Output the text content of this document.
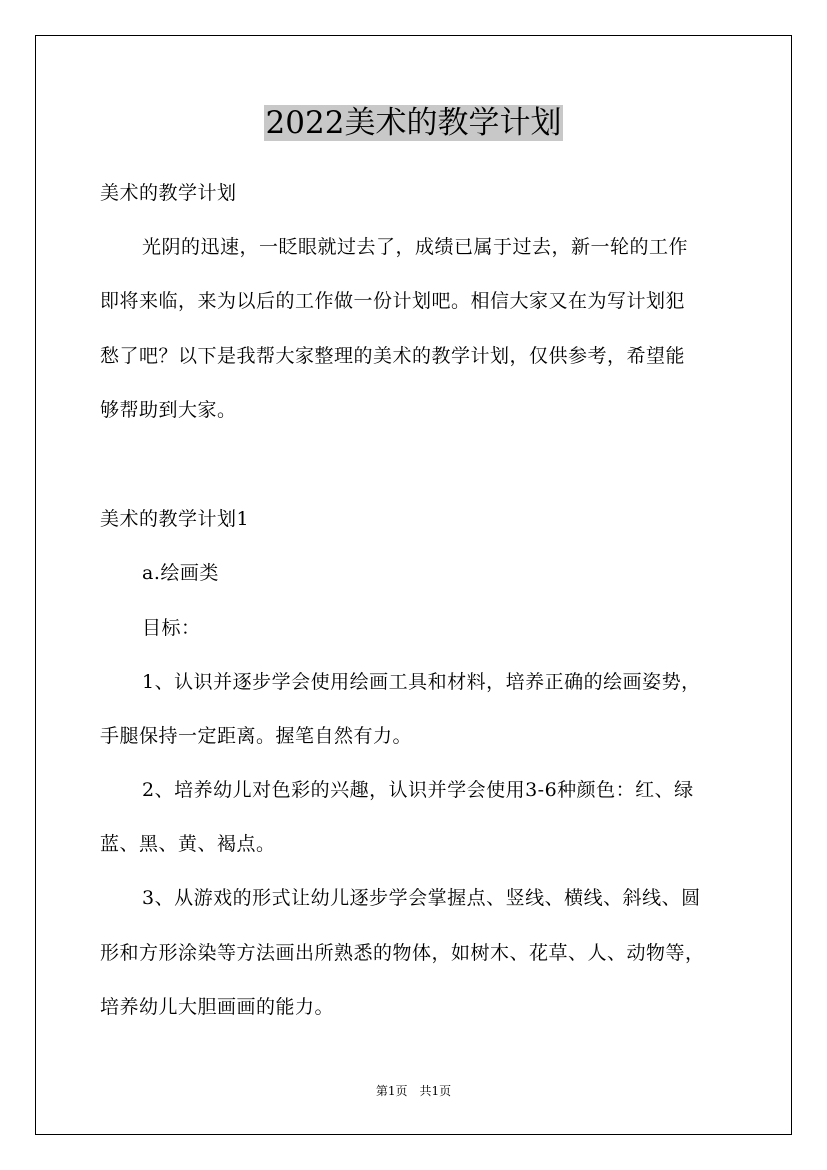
2022美术的教学计划
美术的教学计划
光阴的迅速，一眨眼就过去了，成绩已属于过去，新一轮的工作
即将来临，来为以后的工作做一份计划吧。相信大家又在为写计划犯
愁了吧？以下是我帮大家整理的美术的教学计划，仅供参考，希望能
够帮助到大家。
美术的教学计划1
a.绘画类
目标：
1、认识并逐步学会使用绘画工具和材料，培养正确的绘画姿势，
手腿保持一定距离。握笔自然有力。
2、培养幼儿对色彩的兴趣，认识并学会使用3-6种颜色：红、绿
蓝、黑、黄、褐点。
3、从游戏的形式让幼儿逐步学会掌握点、竖线、横线、斜线、圆
形和方形涂染等方法画出所熟悉的物体，如树木、花草、人、动物等，
培养幼儿大胆画画的能力。
第1页　共1页
